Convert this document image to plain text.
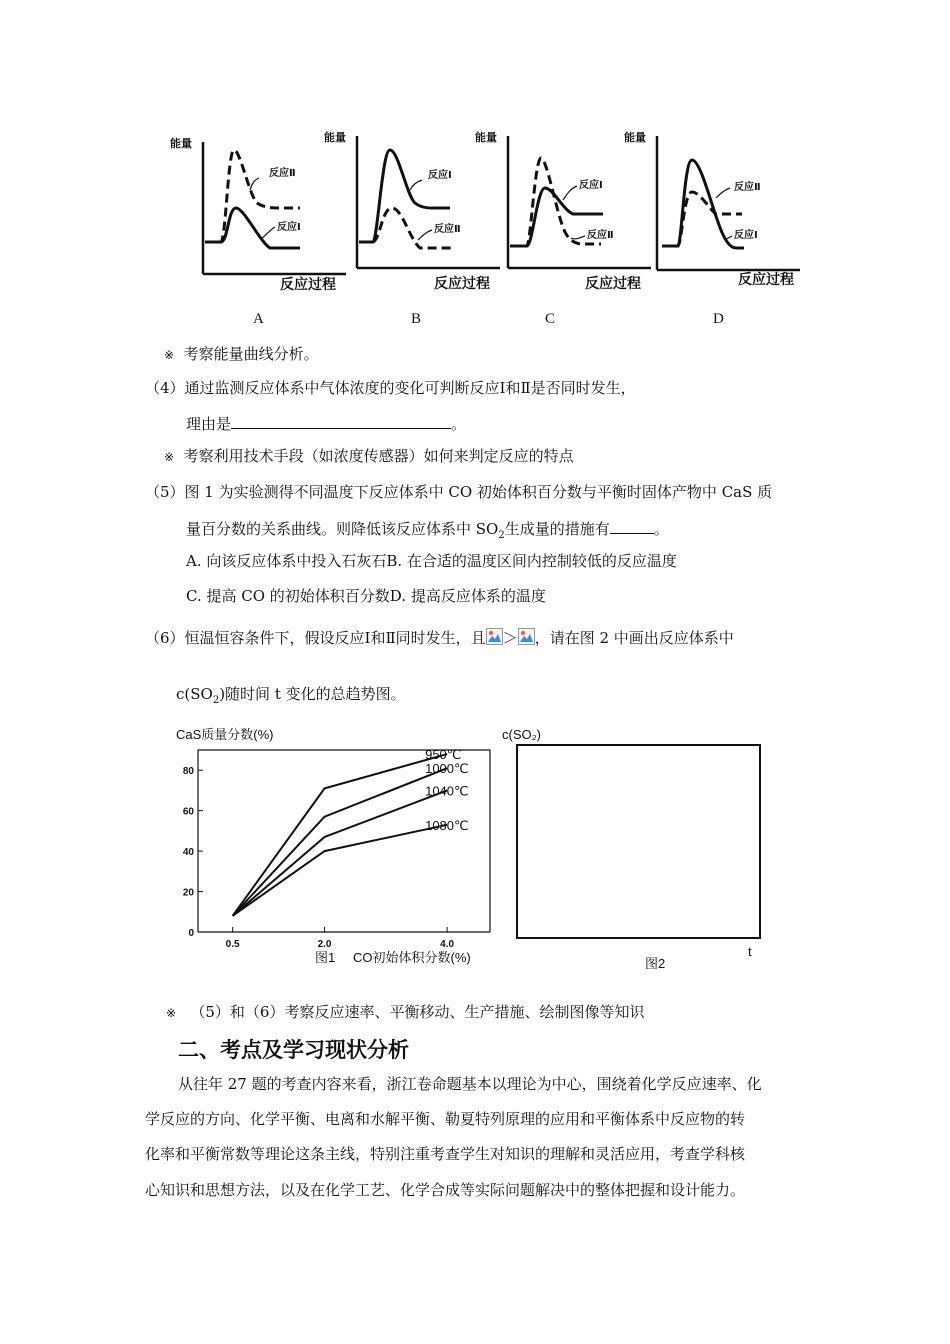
能量
反应过程
反应Ⅱ
反应Ⅰ
能量
反应过程
反应Ⅰ
反应Ⅱ
能量
反应过程
反应Ⅰ
反应Ⅱ
能量
反应过程
反应Ⅱ
反应Ⅰ
A	B	C	D
※ 考察能量曲线分析。
（4）通过监测反应体系中气体浓度的变化可判断反应Ⅰ和Ⅱ是否同时发生，
理由是	。
※ 考察利用技术手段（如浓度传感器）如何来判定反应的特点
（5）图 1 为实验测得不同温度下反应体系中 CO 初始体积百分数与平衡时固体产物中 CaS 质
量百分数的关系曲线。则降低该反应体系中 $SO_2$生成量的措施有	。
A. 向该反应体系中投入石灰石B. 在合适的温度区间内控制较低的反应温度
C. 提高 CO 的初始体积百分数D. 提高反应体系的温度
（6）恒温恒容条件下，假设反应Ⅰ和Ⅱ同时发生，且 ＞ ，请在图 2 中画出反应体系中
$c(SO_2)$随时间 t 变化的总趋势图。
CaS质量分数(%)
0
20
40
60
80
0.5	2.0	4.0
950℃
1000℃
1040℃
1080℃
图1 CO初始体积分数(%)
c(SO₂)
t
图2
※ （5）和（6）考察反应速率、平衡移动、生产措施、绘制图像等知识
二、考点及学习现状分析
从往年 27 题的考查内容来看，浙江卷命题基本以理论为中心，围绕着化学反应速率、化
学反应的方向、化学平衡、电离和水解平衡、勒夏特列原理的应用和平衡体系中反应物的转
化率和平衡常数等理论这条主线，特别注重考查学生对知识的理解和灵活应用，考查学科核
心知识和思想方法，以及在化学工艺、化学合成等实际问题解决中的整体把握和设计能力。
